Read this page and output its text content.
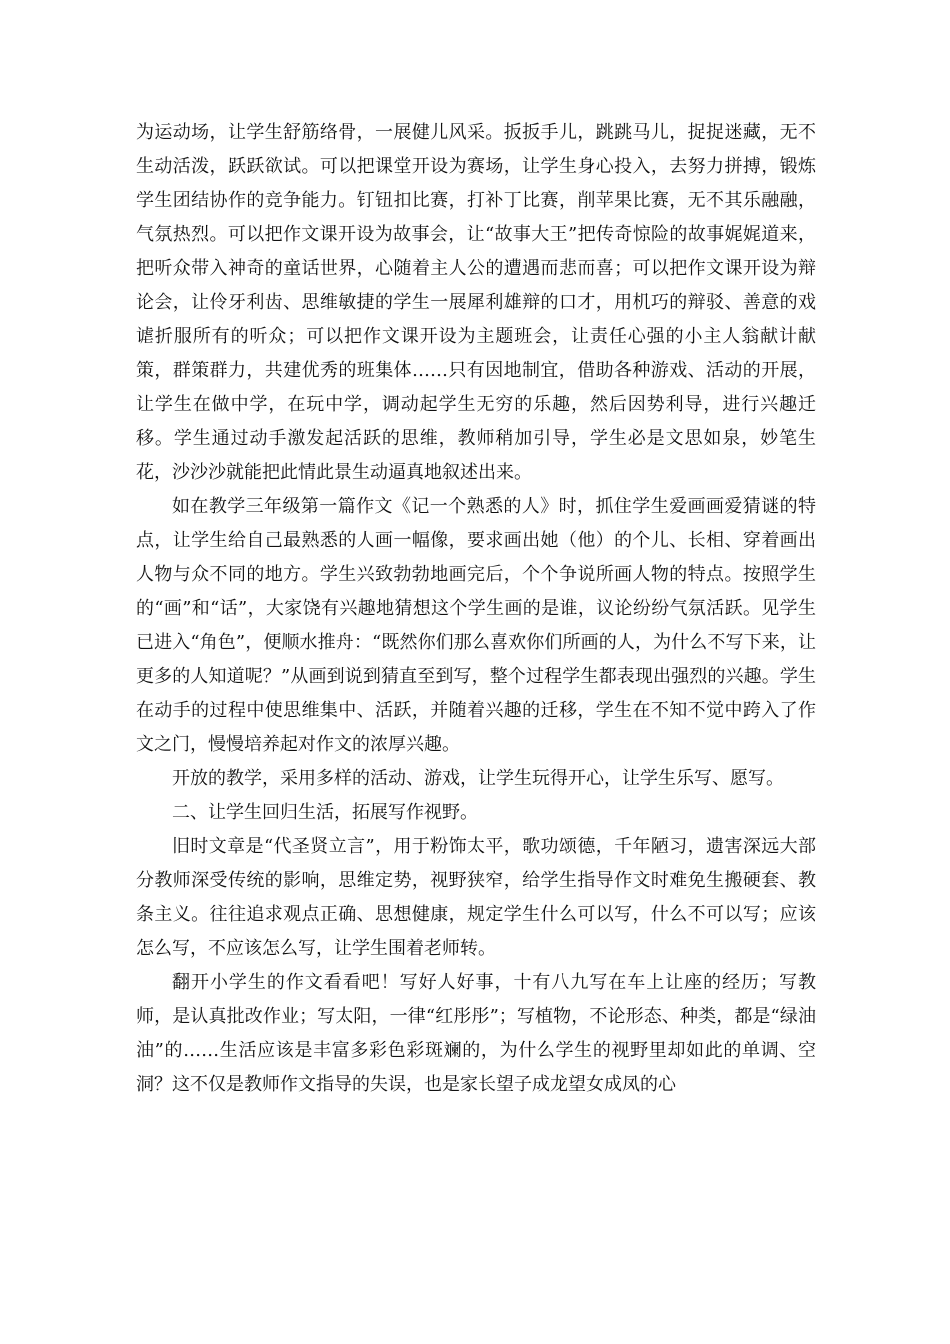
为运动场，让学生舒筋络骨，一展健儿风采。扳扳手儿，跳跳马儿，捉捉迷藏，无不生动活泼，跃跃欲试。可以把课堂开设为赛场，让学生身心投入，去努力拼搏，锻炼学生团结协作的竞争能力。钉钮扣比赛，打补丁比赛，削苹果比赛，无不其乐融融，气氛热烈。可以把作文课开设为故事会，让“故事大王”把传奇惊险的故事娓娓道来，把听众带入神奇的童话世界，心随着主人公的遭遇而悲而喜；可以把作文课开设为辩论会，让伶牙利齿、思维敏捷的学生一展犀利雄辩的口才，用机巧的辩驳、善意的戏谑折服所有的听众；可以把作文课开设为主题班会，让责任心强的小主人翁献计献策，群策群力，共建优秀的班集体……只有因地制宜，借助各种游戏、活动的开展，让学生在做中学，在玩中学，调动起学生无穷的乐趣，然后因势利导，进行兴趣迁移。学生通过动手激发起活跃的思维，教师稍加引导，学生必是文思如泉，妙笔生花，沙沙沙就能把此情此景生动逼真地叙述出来。

如在教学三年级第一篇作文《记一个熟悉的人》时，抓住学生爱画画爱猜谜的特点，让学生给自己最熟悉的人画一幅像，要求画出她（他）的个儿、长相、穿着画出人物与众不同的地方。学生兴致勃勃地画完后，个个争说所画人物的特点。按照学生的“画”和“话”，大家饶有兴趣地猜想这个学生画的是谁，议论纷纷气氛活跃。见学生已进入“角色”，便顺水推舟：“既然你们那么喜欢你们所画的人，为什么不写下来，让更多的人知道呢？”从画到说到猜直至到写，整个过程学生都表现出强烈的兴趣。学生在动手的过程中使思维集中、活跃，并随着兴趣的迁移，学生在不知不觉中跨入了作文之门，慢慢培养起对作文的浓厚兴趣。

开放的教学，采用多样的活动、游戏，让学生玩得开心，让学生乐写、愿写。

二、让学生回归生活，拓展写作视野。

旧时文章是“代圣贤立言”，用于粉饰太平，歌功颂德，千年陋习，遗害深远大部分教师深受传统的影响，思维定势，视野狭窄，给学生指导作文时难免生搬硬套、教条主义。往往追求观点正确、思想健康，规定学生什么可以写，什么不可以写；应该怎么写，不应该怎么写，让学生围着老师转。

翻开小学生的作文看看吧！写好人好事，十有八九写在车上让座的经历；写教师，是认真批改作业；写太阳，一律“红彤彤”；写植物，不论形态、种类，都是“绿油油”的……生活应该是丰富多彩色彩斑斓的，为什么学生的视野里却如此的单调、空洞？这不仅是教师作文指导的失误，也是家长望子成龙望女成凤的心
